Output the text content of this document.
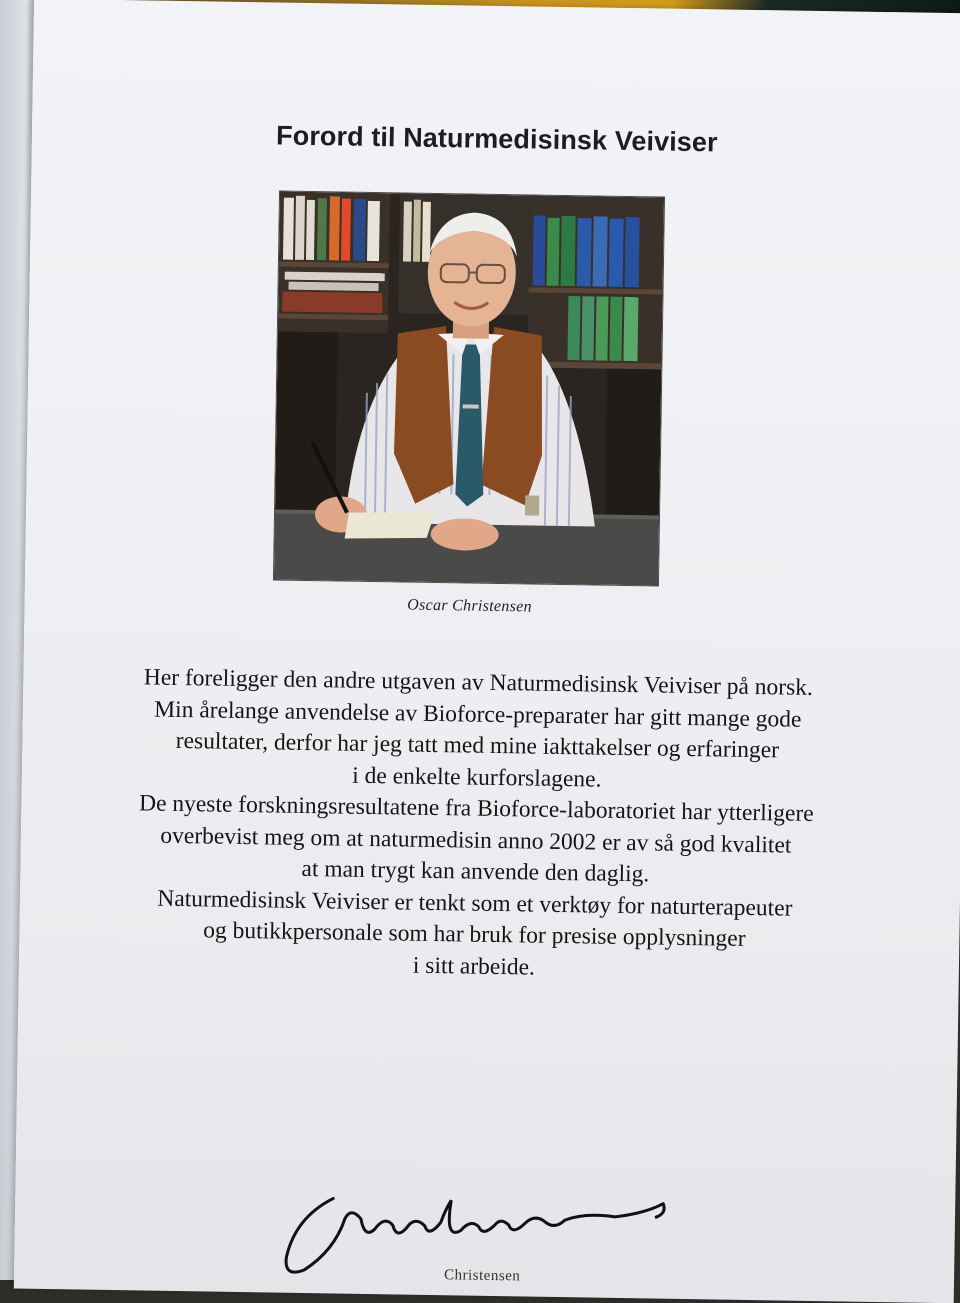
Forord til Naturmedisinsk Veiviser
Oscar Christensen
Her foreligger den andre utgaven av Naturmedisinsk Veiviser på norsk.
Min årelange anvendelse av Bioforce-preparater har gitt mange gode
resultater, derfor har jeg tatt med mine iakttakelser og erfaringer
i de enkelte kurforslagene.
De nyeste forskningsresultatene fra Bioforce-laboratoriet har ytterligere
overbevist meg om at naturmedisin anno 2002 er av så god kvalitet
at man trygt kan anvende den daglig.
Naturmedisinsk Veiviser er tenkt som et verktøy for naturterapeuter
og butikkpersonale som har bruk for presise opplysninger
i sitt arbeide.
Christensen
